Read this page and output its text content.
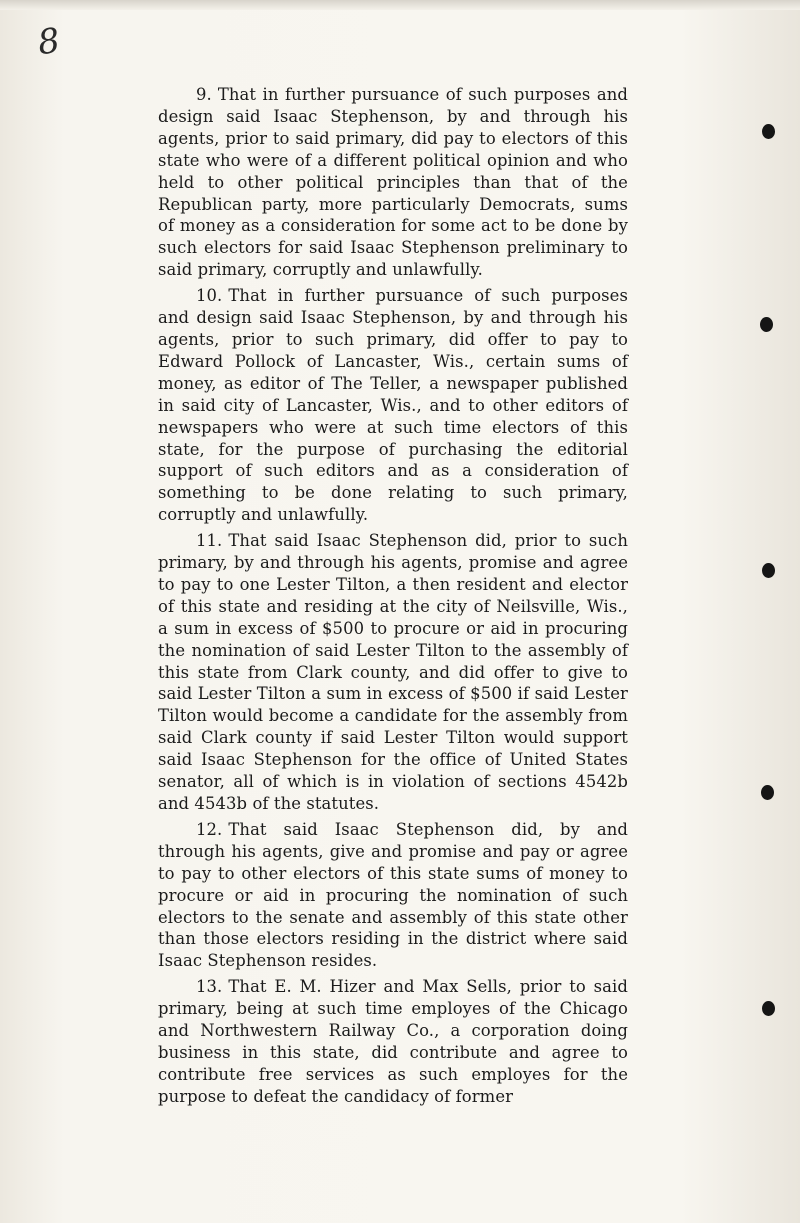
8

9. That in further pursuance of such purposes and design said Isaac Stephenson, by and through his agents, prior to said primary, did pay to electors of this state who were of a different political opinion and who held to other political principles than that of the Republican party, more particularly Democrats, sums of money as a consideration for some act to be done by such electors for said Isaac Stephenson preliminary to said primary, corruptly and unlawfully.

10. That in further pursuance of such purposes and design said Isaac Stephenson, by and through his agents, prior to such primary, did offer to pay to Edward Pollock of Lancaster, Wis., certain sums of money, as editor of The Teller, a newspaper published in said city of Lancaster, Wis., and to other editors of newspapers who were at such time electors of this state, for the purpose of purchasing the editorial support of such editors and as a consideration of something to be done relating to such primary, corruptly and unlawfully.

11. That said Isaac Stephenson did, prior to such primary, by and through his agents, promise and agree to pay to one Lester Tilton, a then resident and elector of this state and residing at the city of Neilsville, Wis., a sum in excess of $500 to procure or aid in procuring the nomination of said Lester Tilton to the assembly of this state from Clark county, and did offer to give to said Lester Tilton a sum in excess of $500 if said Lester Tilton would become a candidate for the assembly from said Clark county if said Lester Tilton would support said Isaac Stephenson for the office of United States senator, all of which is in violation of sections 4542b and 4543b of the statutes.

12. That said Isaac Stephenson did, by and through his agents, give and promise and pay or agree to pay to other electors of this state sums of money to procure or aid in procuring the nomination of such electors to the senate and assembly of this state other than those electors residing in the district where said Isaac Stephenson resides.

13. That E. M. Hizer and Max Sells, prior to said primary, being at such time employes of the Chicago and Northwestern Railway Co., a corporation doing business in this state, did contribute and agree to contribute free services as such employes for the purpose to defeat the candidacy of former
